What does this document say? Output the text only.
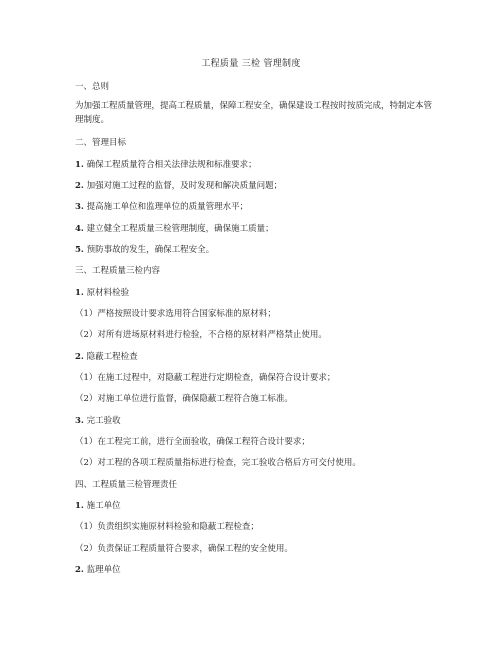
工程质量 三检 管理制度
一、总则
为加强工程质量管理，提高工程质量，保障工程安全，确保建设工程按时按质完成，特制定本管理制度。
二、管理目标
1. 确保工程质量符合相关法律法规和标准要求；
2. 加强对施工过程的监督，及时发现和解决质量问题；
3. 提高施工单位和监理单位的质量管理水平；
4. 建立健全工程质量三检管理制度，确保施工质量；
5. 预防事故的发生，确保工程安全。
三、工程质量三检内容
1. 原材料检验
（1）严格按照设计要求选用符合国家标准的原材料；
（2）对所有进场原材料进行检验，不合格的原材料严格禁止使用。
2. 隐蔽工程检查
（1）在施工过程中，对隐蔽工程进行定期检查，确保符合设计要求；
（2）对施工单位进行监督，确保隐蔽工程符合施工标准。
3. 完工验收
（1）在工程完工前，进行全面验收，确保工程符合设计要求；
（2）对工程的各项工程质量指标进行检查，完工验收合格后方可交付使用。
四、工程质量三检管理责任
1. 施工单位
（1）负责组织实施原材料检验和隐蔽工程检查；
（2）负责保证工程质量符合要求，确保工程的安全使用。
2. 监理单位
